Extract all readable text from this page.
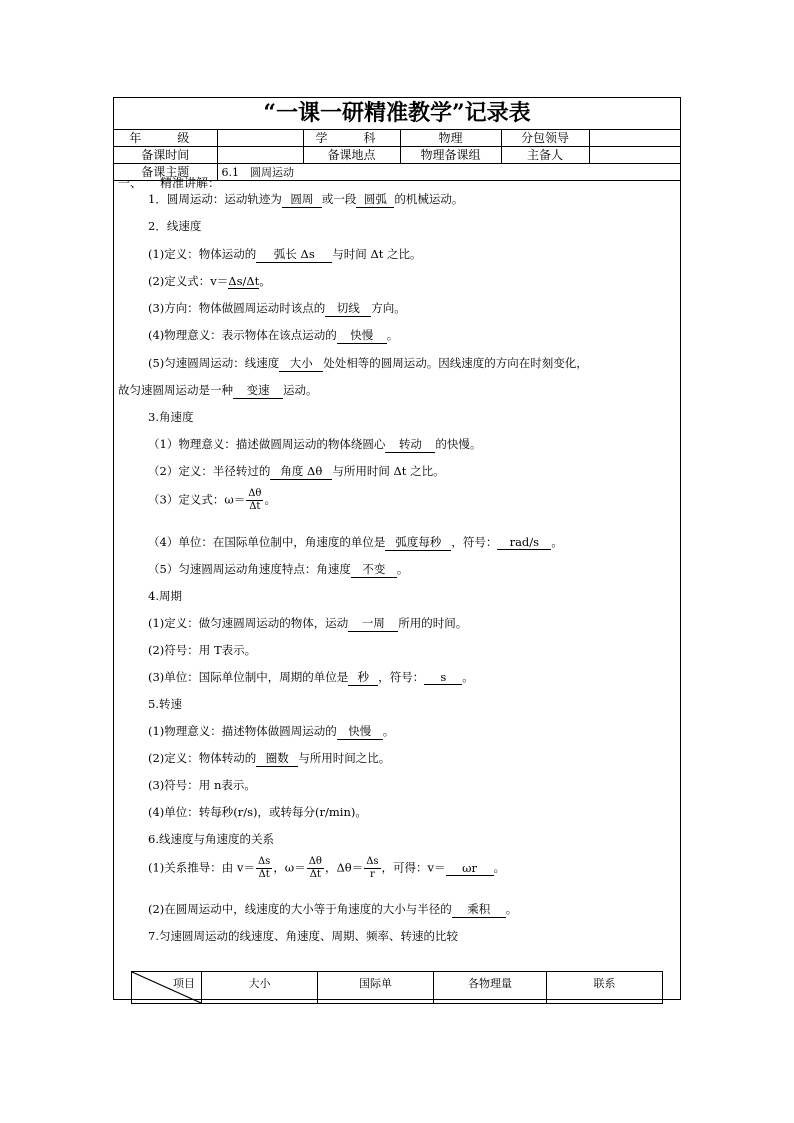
“一课一研精准教学”记录表
年　级		学　科	物理	分包领导	
备课时间		备课地点	物理备课组	主备人	
备课主题	6.1　圆周运动				
一、　　精准讲解：
1．圆周运动：运动轨迹为 圆周 或一段 圆弧 的机械运动。
2．线速度
(1)定义：物体运动的 弧长 Δs 与时间 Δt 之比。
(2)定义式：v＝Δs/Δt。
(3)方向：物体做圆周运动时该点的 切线 方向。
(4)物理意义：表示物体在该点运动的 快慢 。
(5)匀速圆周运动：线速度 大小 处处相等的圆周运动。因线速度的方向在时刻变化，
故匀速圆周运动是一种 变速 运动。
3.角速度
（1）物理意义：描述做圆周运动的物体绕圆心 转动 的快慢。
（2）定义：半径转过的 角度 Δθ 与所用时间 Δt 之比。
（3）定义式：$\omega= \frac{\Delta\theta}{\Delta t}$ 。
（4）单位：在国际单位制中，角速度的单位是 弧度每秒 ，符号： rad/s 。
（5）匀速圆周运动角速度特点：角速度 不变 。
4.周期
(1)定义：做匀速圆周运动的物体，运动 一周 所用的时间。
(2)符号：用 T表示。
(3)单位：国际单位制中，周期的单位是 秒 ，符号： s 。
5.转速
(1)物理意义：描述物体做圆周运动的 快慢 。
(2)定义：物体转动的 圈数 与所用时间之比。
(3)符号：用 n表示。
(4)单位：转每秒(r/s)，或转每分(r/min)。
6.线速度与角速度的关系
(1)关系推导：由 $v= \frac{\Delta s}{\Delta t}$ ，$\omega= \frac{\Delta\theta}{\Delta t}$ ，$\Delta\theta= \frac{\Delta s}{r}$ ，可得：v＝ ωr 。
(2)在圆周运动中，线速度的大小等于角速度的大小与半径的 乘积 。
7.匀速圆周运动的线速度、角速度、周期、频率、转速的比较
项目	大小	国际单	各物理量	联系
